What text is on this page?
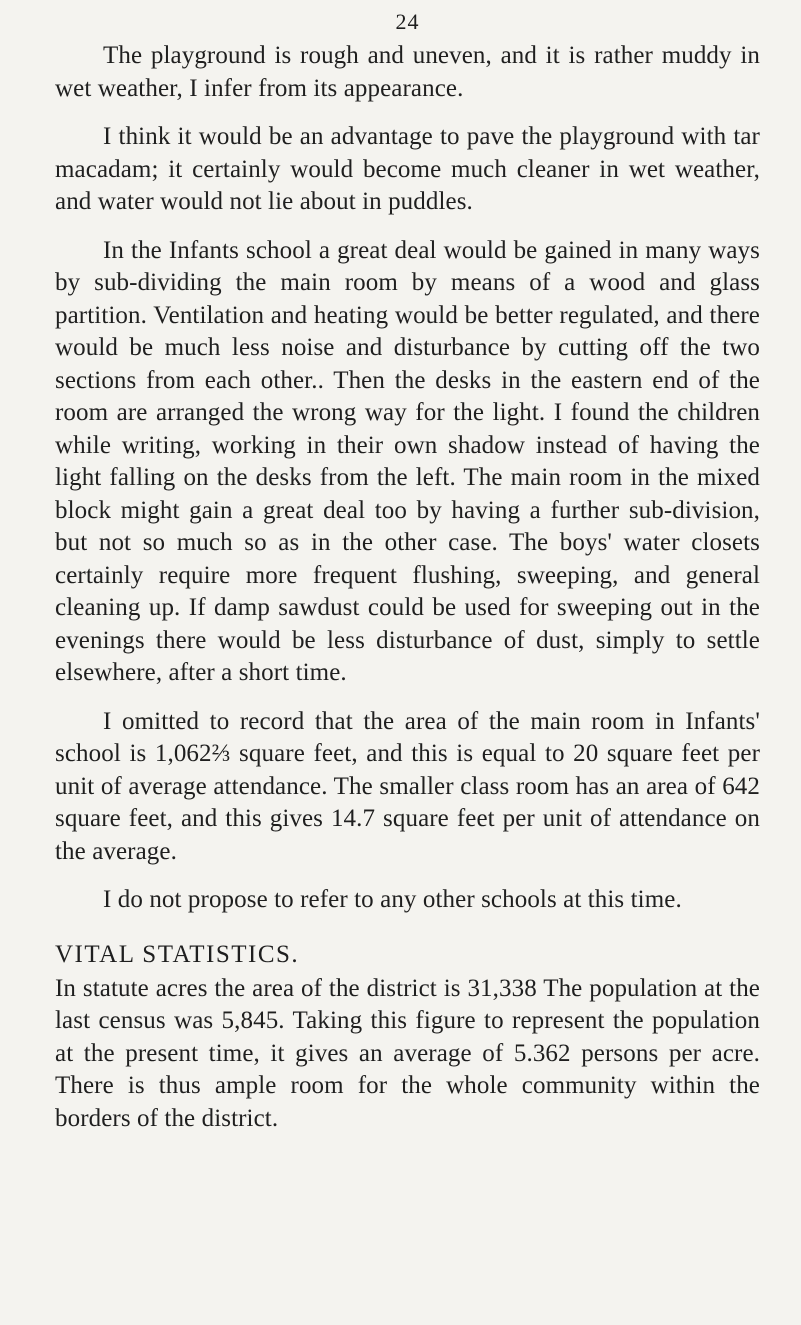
24

The playground is rough and uneven, and it is rather muddy in wet weather, I infer from its appearance.

I think it would be an advantage to pave the playground with tar macadam; it certainly would become much cleaner in wet weather, and water would not lie about in puddles.

In the Infants school a great deal would be gained in many ways by sub-dividing the main room by means of a wood and glass partition. Ventilation and heating would be better regulated, and there would be much less noise and disturbance by cutting off the two sections from each other.. Then the desks in the eastern end of the room are arranged the wrong way for the light. I found the children while writing, working in their own shadow instead of having the light falling on the desks from the left. The main room in the mixed block might gain a great deal too by having a further sub-division, but not so much so as in the other case. The boys' water closets certainly require more frequent flushing, sweeping, and general cleaning up. If damp sawdust could be used for sweeping out in the evenings there would be less disturbance of dust, simply to settle elsewhere, after a short time.

I omitted to record that the area of the main room in Infants' school is 1,062⅔ square feet, and this is equal to 20 square feet per unit of average attendance. The smaller class room has an area of 642 square feet, and this gives 14.7 square feet per unit of attendance on the average.

I do not propose to refer to any other schools at this time.

VITAL STATISTICS.

In statute acres the area of the district is 31,338 The population at the last census was 5,845. Taking this figure to represent the population at the present time, it gives an average of 5.362 persons per acre. There is thus ample room for the whole community within the borders of the district.
